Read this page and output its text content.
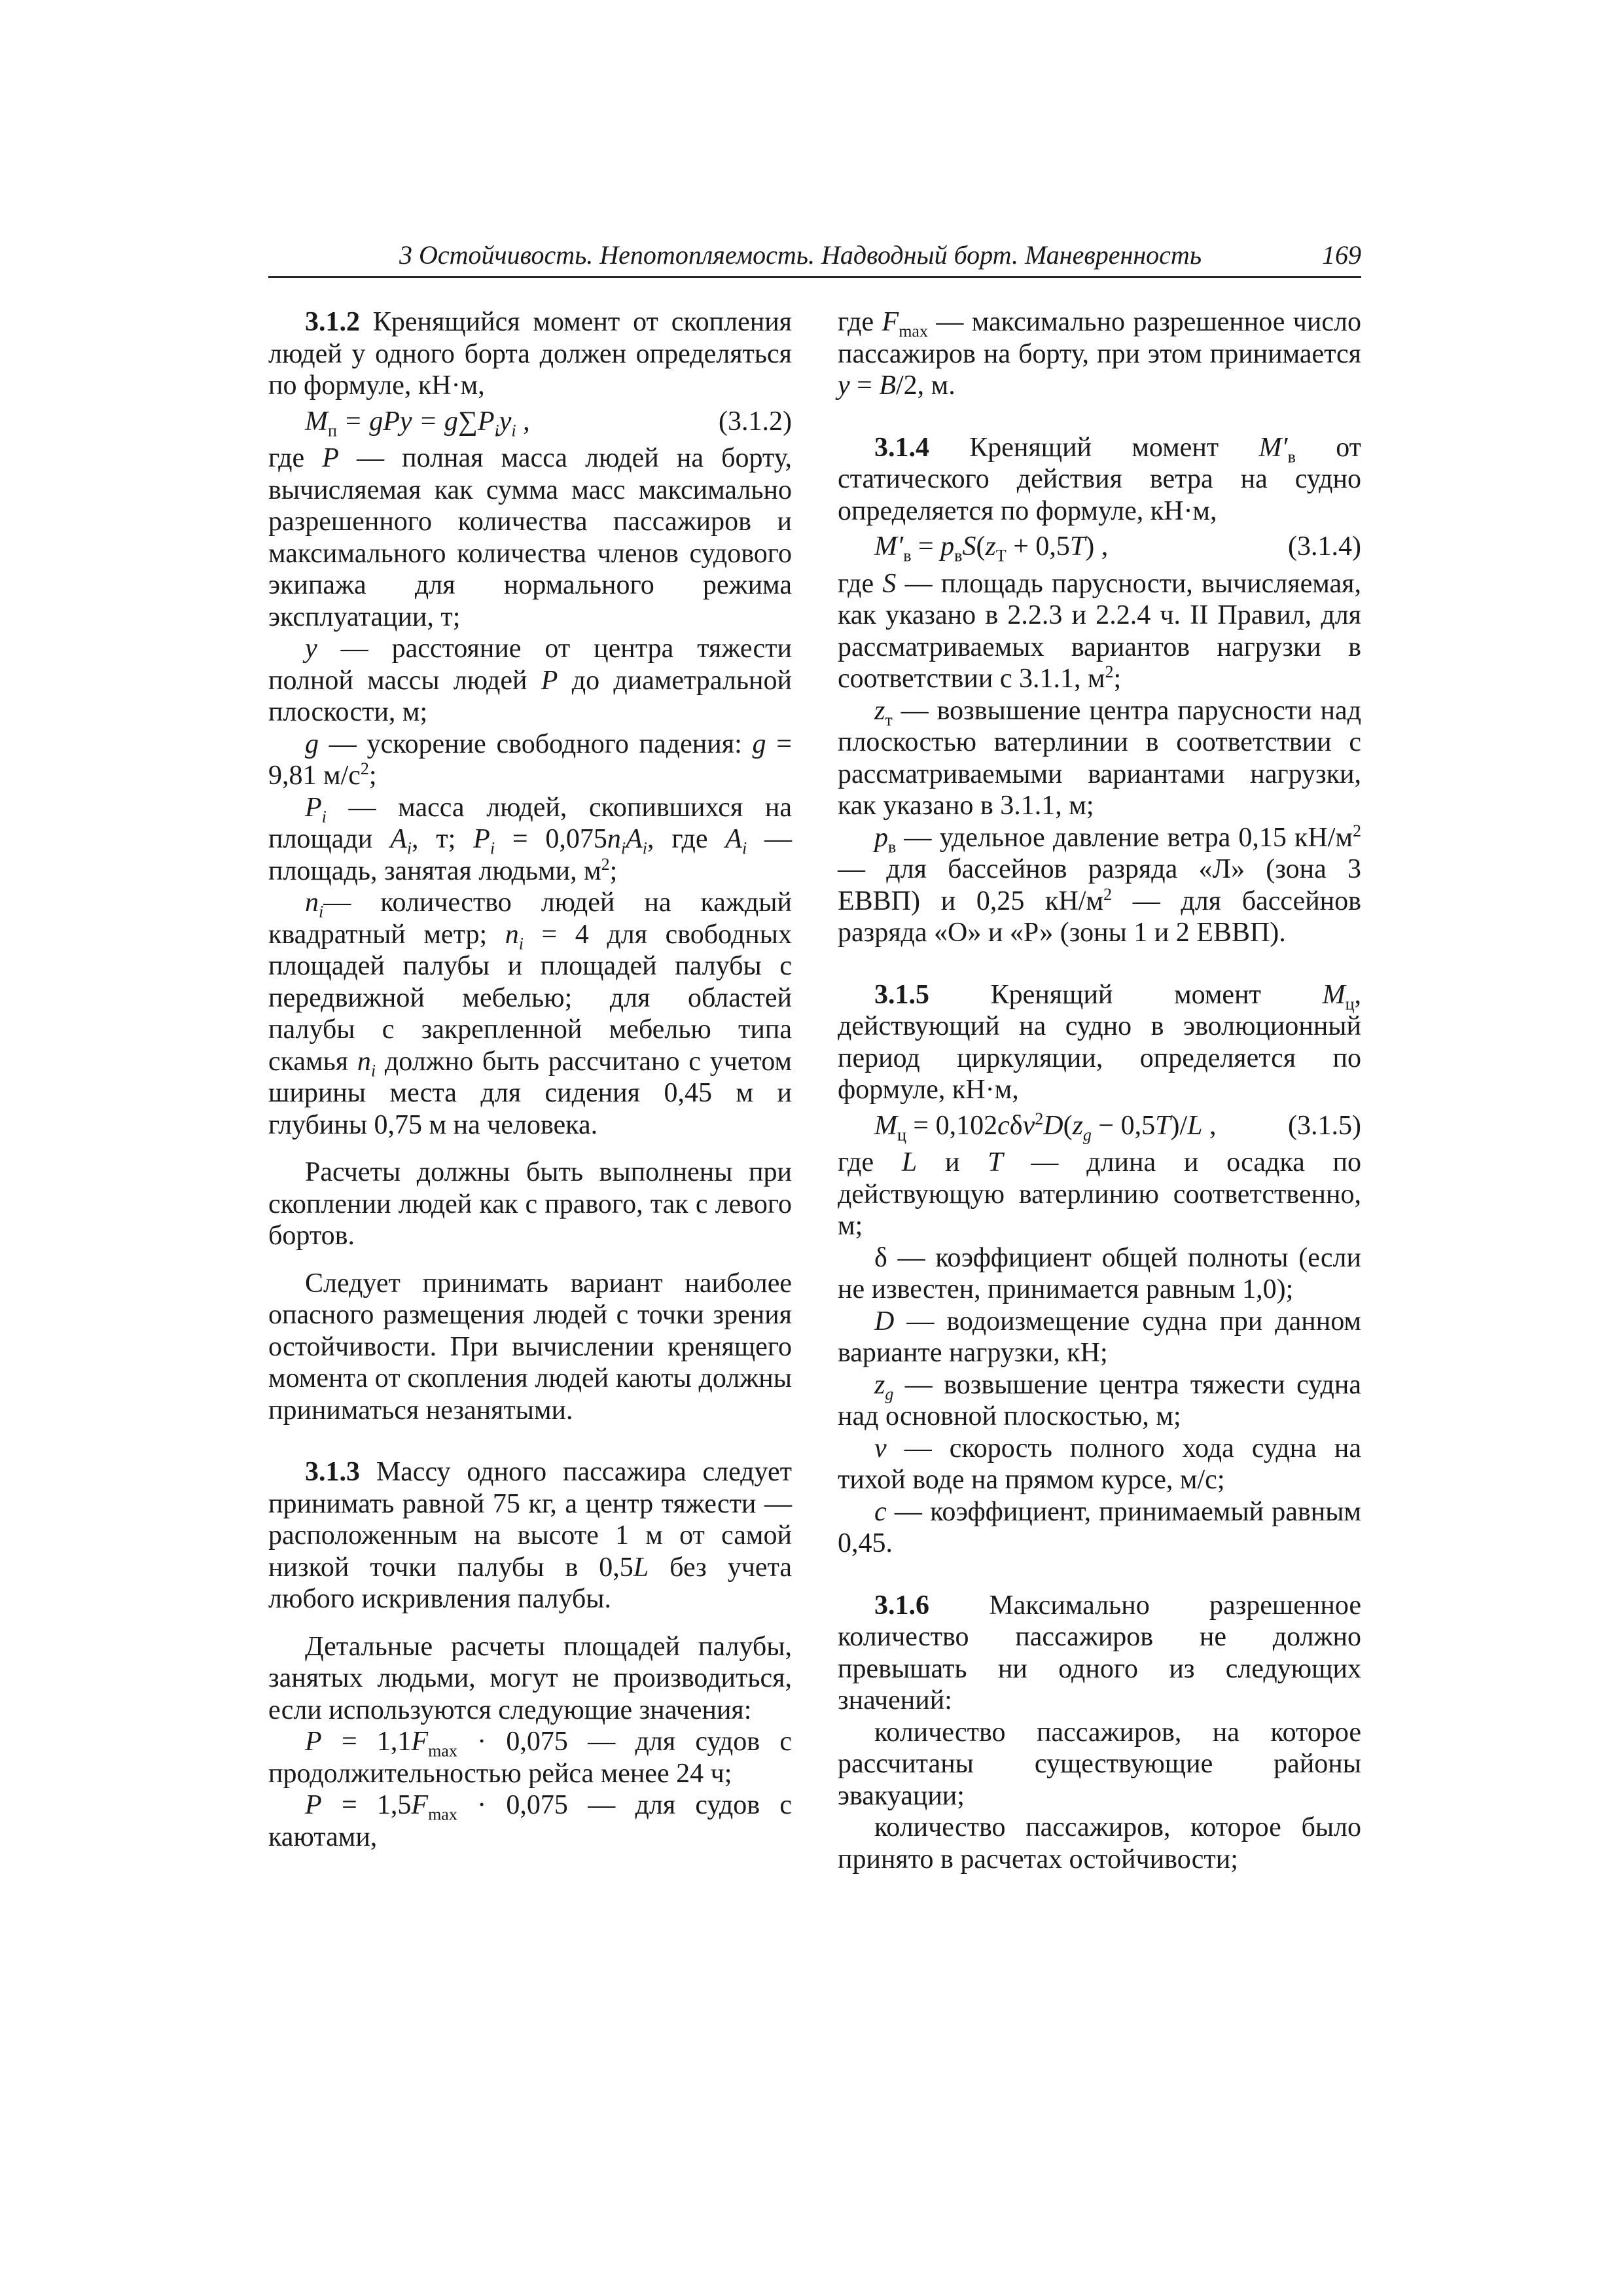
3 Остойчивость. Непотопляемость. Надводный борт. Маневренность	169

3.1.2 Кренящийся момент от скопления людей у одного борта должен определяться по формуле, кН·м,

$M_п$ = gPy = $g\sum P_iy_i$ ,	(3.1.2)

где P — полная масса людей на борту, вычисляемая как сумма масс максимально разрешенного количества пассажиров и максимального количества членов судового экипажа для нормального режима эксплуатации, т;

y — расстояние от центра тяжести полной массы людей P до диаметральной плоскости, м;

g — ускорение свободного падения: g = 9,81 $м/с^2$;

$P_i$ — масса людей, скопившихся на площади $A_i$, т; $P_i = 0,075n_iA_i$, где $A_i$ — площадь, занятая людьми, $м^2$;

$n_i—$ количество людей на каждый квадратный метр; $n_i = 4$ для свободных площадей палубы и площадей палубы с передвижной мебелью; для областей палубы с закрепленной мебелью типа скамья $n_i$ должно быть рассчитано с учетом ширины места для сидения 0,45 м и глубины 0,75 м на человека.

Расчеты должны быть выполнены при скоплении людей как с правого, так с левого бортов.

Следует принимать вариант наиболее опасного размещения людей с точки зрения остойчивости. При вычислении кренящего момента от скопления людей каюты должны приниматься незанятыми.

3.1.3 Массу одного пассажира следует принимать равной 75 кг, а центр тяжести — расположенным на высоте 1 м от самой низкой точки палубы в 0,5L без учета любого искривления палубы.

Детальные расчеты площадей палубы, занятых людьми, могут не производиться, если используются следующие значения:

$P = 1,1F_{max} \cdot 0,075$ — для судов с продолжительностью рейса менее 24 ч;

$P = 1,5F_{max} \cdot 0,075$ — для судов с каютами,

где $F_{max}$ — максимально разрешенное число пассажиров на борту, при этом принимается y = B/2, м.

3.1.4 Кренящий момент $M'_в$ от статического действия ветра на судно определяется по формуле, кН·м,

$M'_в = p_вS(z_T + 0,5T)$ ,	(3.1.4)

где S — площадь парусности, вычисляемая, как указано в 2.2.3 и 2.2.4 ч. II Правил, для рассматриваемых вариантов нагрузки в соответствии с 3.1.1, $м^2$;

$z_т$ — возвышение центра парусности над плоскостью ватерлинии в соответствии с рассматриваемыми вариантами нагрузки, как указано в 3.1.1, м;

$p_в$ — удельное давление ветра 0,15 $кН/м^2$ — для бассейнов разряда «Л» (зона 3 ЕВВП) и 0,25 $кН/м^2$ — для бассейнов разряда «О» и «Р» (зоны 1 и 2 ЕВВП).

3.1.5 Кренящий момент $M_ц$, действующий на судно в эволюционный период циркуляции, определяется по формуле, кН·м,

$M_ц = 0,102c\delta v^2D(z_g - 0,5T)/L$ ,	(3.1.5)

где L и T — длина и осадка по действующую ватерлинию соответственно, м;

δ — коэффициент общей полноты (если не известен, принимается равным 1,0);

D — водоизмещение судна при данном варианте нагрузки, кН;

$z_g$ — возвышение центра тяжести судна над основной плоскостью, м;

v — скорость полного хода судна на тихой воде на прямом курсе, м/с;

c — коэффициент, принимаемый равным 0,45.

3.1.6 Максимально разрешенное количество пассажиров не должно превышать ни одного из следующих значений:

количество пассажиров, на которое рассчитаны существующие районы эвакуации;

количество пассажиров, которое было принято в расчетах остойчивости;
